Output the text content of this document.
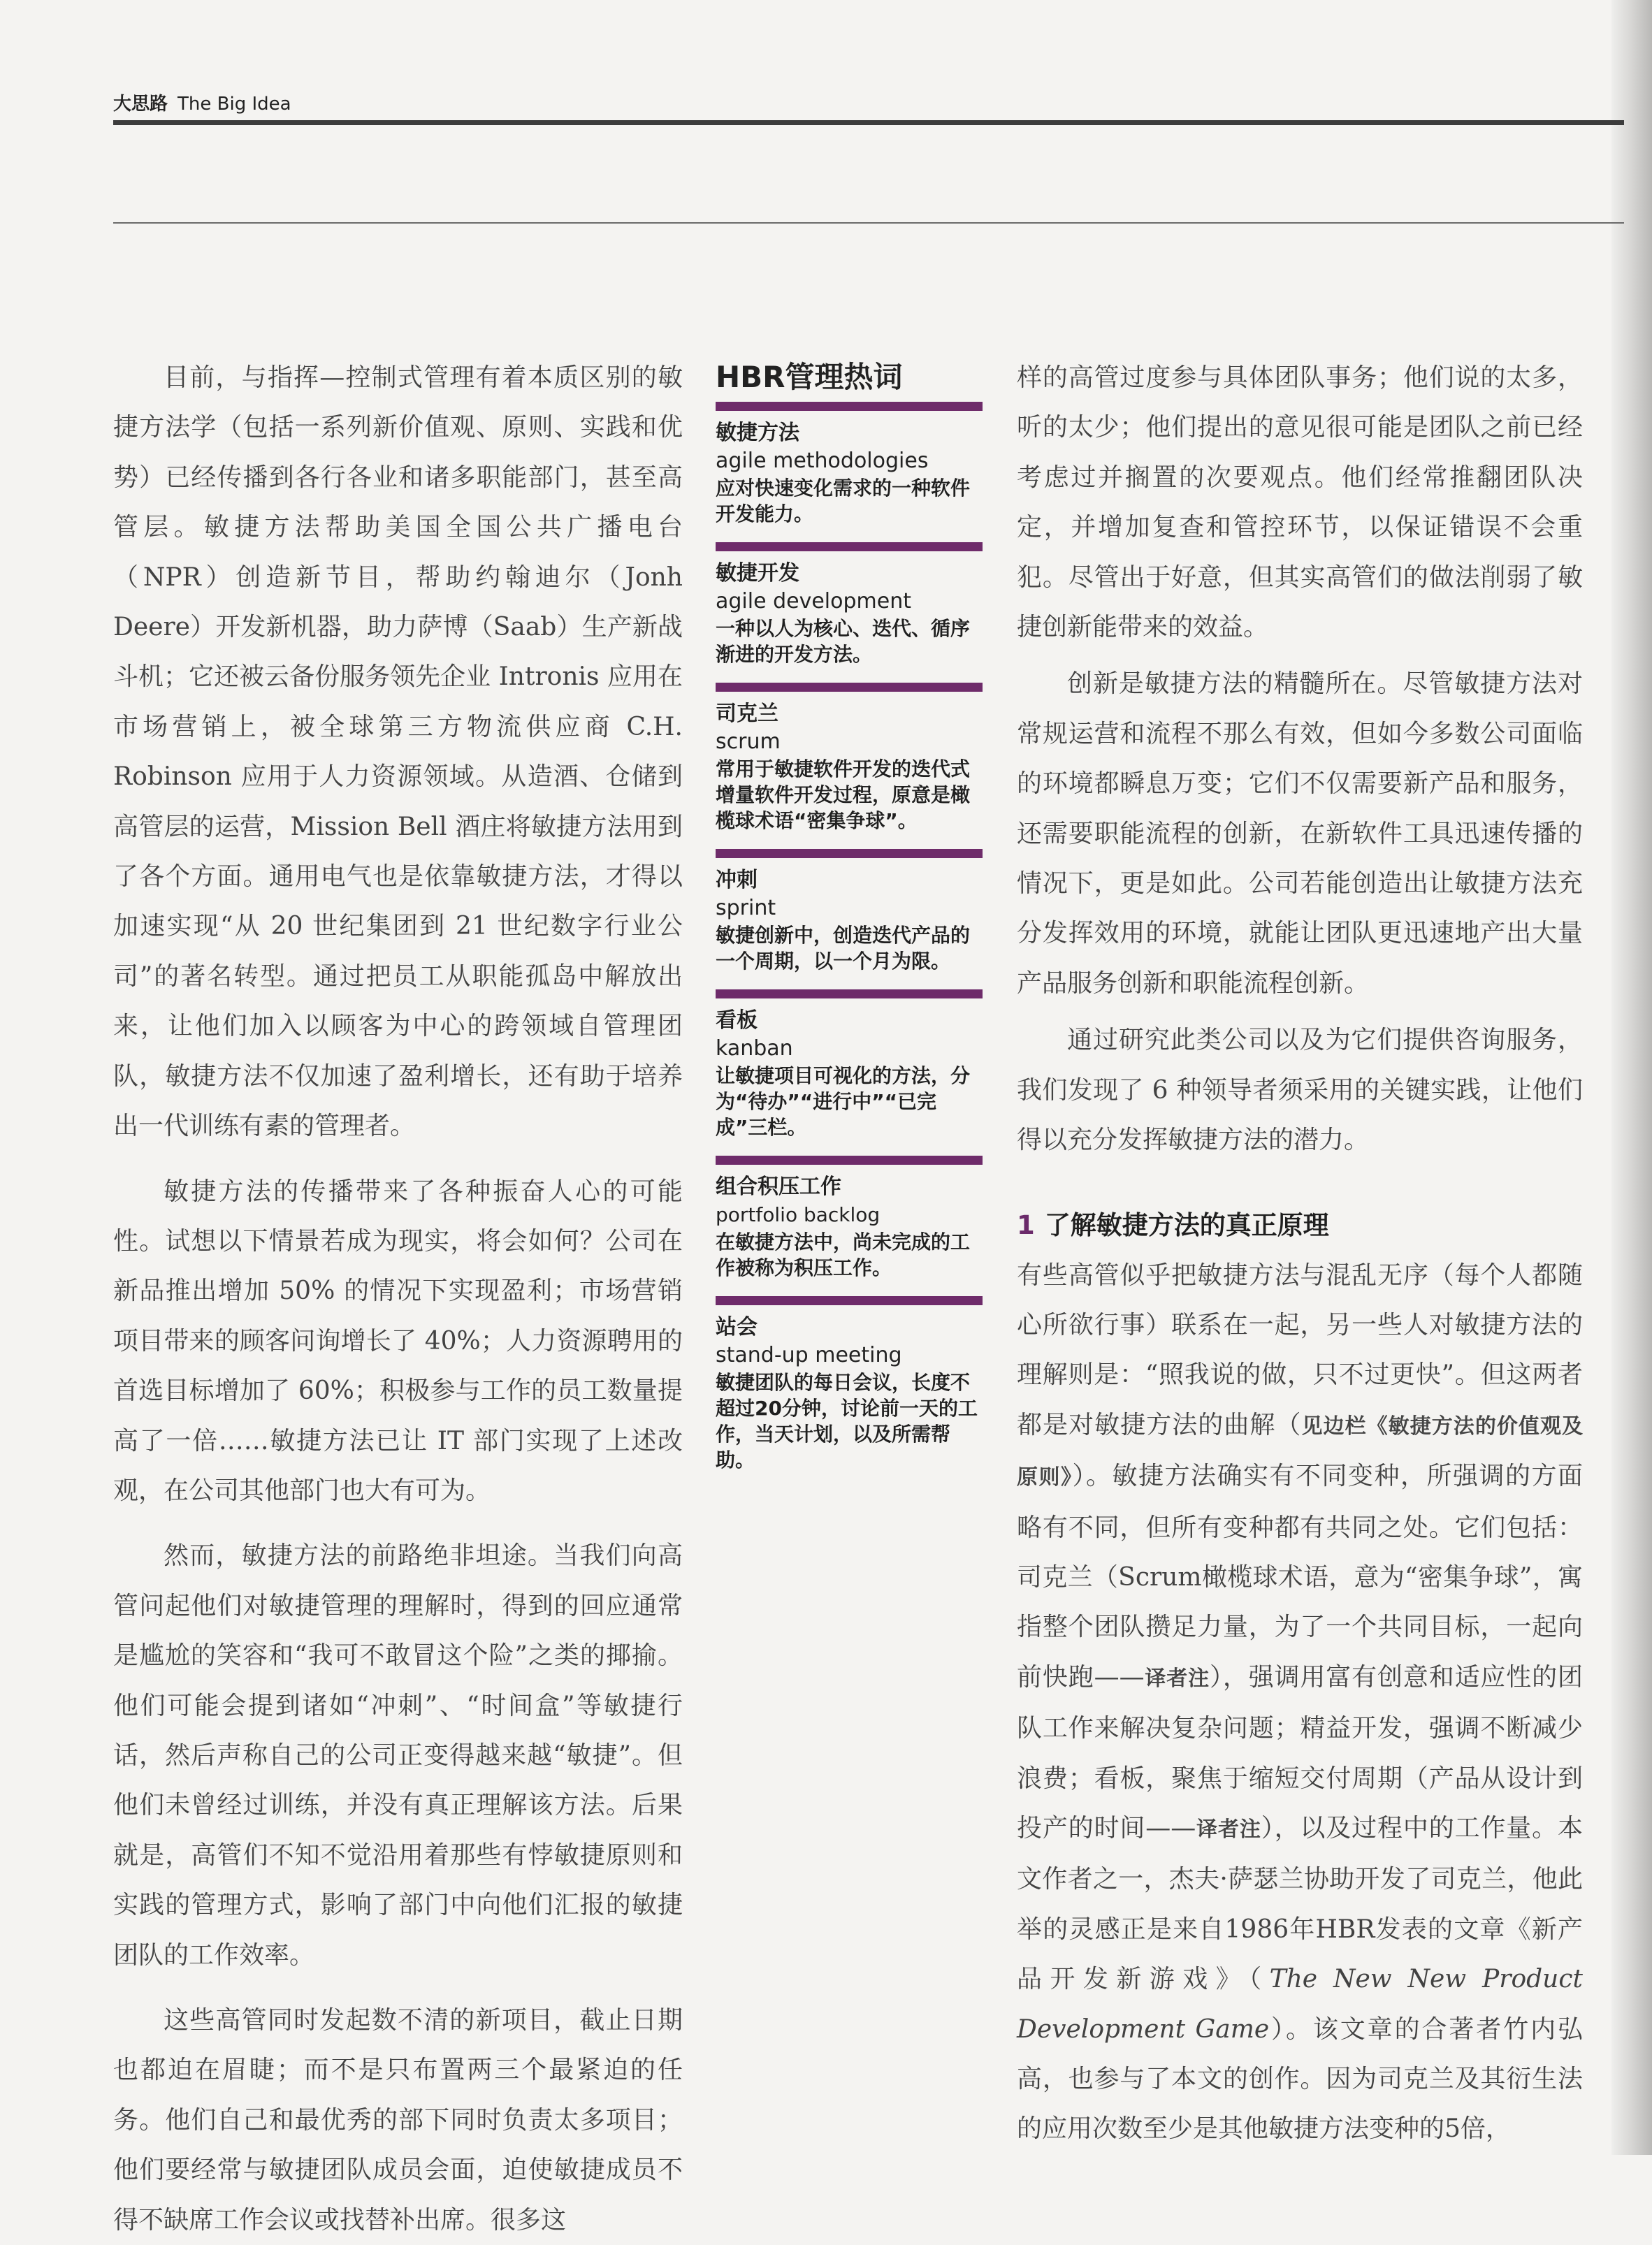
大思路 The Big Idea

目前，与指挥—控制式管理有着本质区别的敏捷方法学（包括一系列新价值观、原则、实践和优势）已经传播到各行各业和诸多职能部门，甚至高管层。敏捷方法帮助美国全国公共广播电台（NPR）创造新节目，帮助约翰迪尔（Jonh Deere）开发新机器，助力萨博（Saab）生产新战斗机；它还被云备份服务领先企业 Intronis 应用在市场营销上，被全球第三方物流供应商 C.H. Robinson 应用于人力资源领域。从造酒、仓储到高管层的运营，Mission Bell 酒庄将敏捷方法用到了各个方面。通用电气也是依靠敏捷方法，才得以加速实现“从 20 世纪集团到 21 世纪数字行业公司”的著名转型。通过把员工从职能孤岛中解放出来，让他们加入以顾客为中心的跨领域自管理团队，敏捷方法不仅加速了盈利增长，还有助于培养出一代训练有素的管理者。

敏捷方法的传播带来了各种振奋人心的可能性。试想以下情景若成为现实，将会如何？公司在新品推出增加 50% 的情况下实现盈利；市场营销项目带来的顾客问询增长了 40%；人力资源聘用的首选目标增加了 60%；积极参与工作的员工数量提高了一倍……敏捷方法已让 IT 部门实现了上述改观，在公司其他部门也大有可为。

然而，敏捷方法的前路绝非坦途。当我们向高管问起他们对敏捷管理的理解时，得到的回应通常是尴尬的笑容和“我可不敢冒这个险”之类的揶揄。他们可能会提到诸如“冲刺”、“时间盒”等敏捷行话，然后声称自己的公司正变得越来越“敏捷”。但他们未曾经过训练，并没有真正理解该方法。后果就是，高管们不知不觉沿用着那些有悖敏捷原则和实践的管理方式，影响了部门中向他们汇报的敏捷团队的工作效率。

这些高管同时发起数不清的新项目，截止日期也都迫在眉睫；而不是只布置两三个最紧迫的任务。他们自己和最优秀的部下同时负责太多项目；他们要经常与敏捷团队成员会面，迫使敏捷成员不得不缺席工作会议或找替补出席。很多这

HBR管理热词
敏捷方法
agile methodologies
应对快速变化需求的一种软件开发能力。
敏捷开发
agile development
一种以人为核心、迭代、循序渐进的开发方法。
司克兰
scrum
常用于敏捷软件开发的迭代式增量软件开发过程，原意是橄榄球术语“密集争球”。
冲刺
sprint
敏捷创新中，创造迭代产品的一个周期，以一个月为限。
看板
kanban
让敏捷项目可视化的方法，分为“待办”“进行中”“已完成”三栏。
组合积压工作
portfolio backlog
在敏捷方法中，尚未完成的工作被称为积压工作。
站会
stand-up meeting
敏捷团队的每日会议，长度不超过20分钟，讨论前一天的工作，当天计划，以及所需帮助。

样的高管过度参与具体团队事务；他们说的太多，听的太少；他们提出的意见很可能是团队之前已经考虑过并搁置的次要观点。他们经常推翻团队决定，并增加复查和管控环节，以保证错误不会重犯。尽管出于好意，但其实高管们的做法削弱了敏捷创新能带来的效益。

创新是敏捷方法的精髓所在。尽管敏捷方法对常规运营和流程不那么有效，但如今多数公司面临的环境都瞬息万变；它们不仅需要新产品和服务，还需要职能流程的创新，在新软件工具迅速传播的情况下，更是如此。公司若能创造出让敏捷方法充分发挥效用的环境，就能让团队更迅速地产出大量产品服务创新和职能流程创新。

通过研究此类公司以及为它们提供咨询服务，我们发现了 6 种领导者须采用的关键实践，让他们得以充分发挥敏捷方法的潜力。

1 了解敏捷方法的真正原理

有些高管似乎把敏捷方法与混乱无序（每个人都随心所欲行事）联系在一起，另一些人对敏捷方法的理解则是：“照我说的做，只不过更快”。但这两者都是对敏捷方法的曲解（见边栏《敏捷方法的价值观及原则》）。敏捷方法确实有不同变种，所强调的方面略有不同，但所有变种都有共同之处。它们包括：司克兰（Scrum橄榄球术语，意为“密集争球”，寓指整个团队攒足力量，为了一个共同目标，一起向前快跑——译者注），强调用富有创意和适应性的团队工作来解决复杂问题；精益开发，强调不断减少浪费；看板，聚焦于缩短交付周期（产品从设计到投产的时间——译者注），以及过程中的工作量。本文作者之一，杰夫·萨瑟兰协助开发了司克兰，他此举的灵感正是来自1986年HBR发表的文章《新产品开发新游戏》（The New New Product Development Game）。该文章的合著者竹内弘高，也参与了本文的创作。因为司克兰及其衍生法的应用次数至少是其他敏捷方法变种的5倍，
